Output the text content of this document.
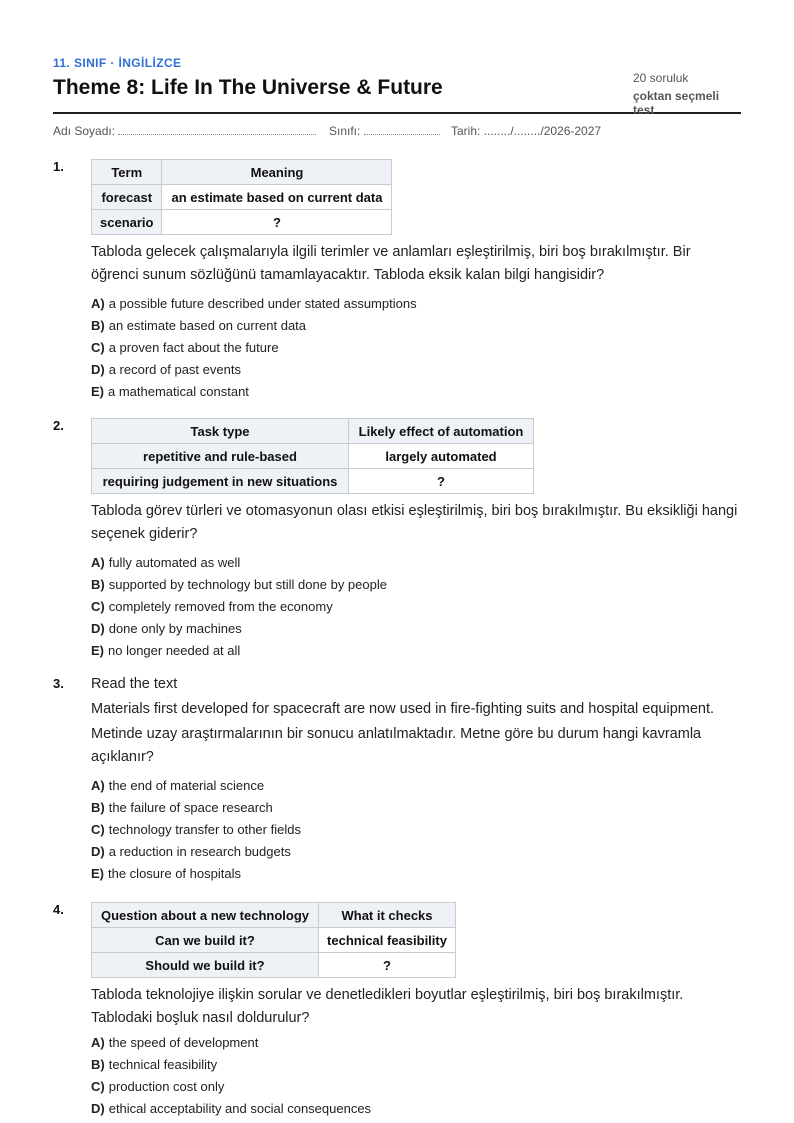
11. SINIF · İNGİLİZCE
Theme 8: Life In The Universe & Future	20 soruluk
çoktan seçmeli test
Adı Soyadı:	Sınıfı:	Tarih: ......../......../2026-2027
1.	Term	Meaning
forecast	an estimate based on current data
scenario	?
Tabloda gelecek çalışmalarıyla ilgili terimler ve anlamları eşleştirilmiş, biri boş bırakılmıştır. Bir öğrenci sunum sözlüğünü tamamlayacaktır. Tabloda eksik kalan bilgi hangisidir?
A) a possible future described under stated assumptions
B) an estimate based on current data
C) a proven fact about the future
D) a record of past events
E) a mathematical constant
2.	Task type	Likely effect of automation
repetitive and rule-based	largely automated
requiring judgement in new situations	?
Tabloda görev türleri ve otomasyonun olası etkisi eşleştirilmiş, biri boş bırakılmıştır. Bu eksikliği hangi seçenek giderir?
A) fully automated as well
B) supported by technology but still done by people
C) completely removed from the economy
D) done only by machines
E) no longer needed at all
3. Read the text
Materials first developed for spacecraft are now used in fire-fighting suits and hospital equipment.
Metinde uzay araştırmalarının bir sonucu anlatılmaktadır. Metne göre bu durum hangi kavramla açıklanır?
A) the end of material science
B) the failure of space research
C) technology transfer to other fields
D) a reduction in research budgets
E) the closure of hospitals
4.	Question about a new technology	What it checks
Can we build it?	technical feasibility
Should we build it?	?
Tabloda teknolojiye ilişkin sorular ve denetledikleri boyutlar eşleştirilmiş, biri boş bırakılmıştır. Tablodaki boşluk nasıl doldurulur?
A) the speed of development
B) technical feasibility
C) production cost only
D) ethical acceptability and social consequences
